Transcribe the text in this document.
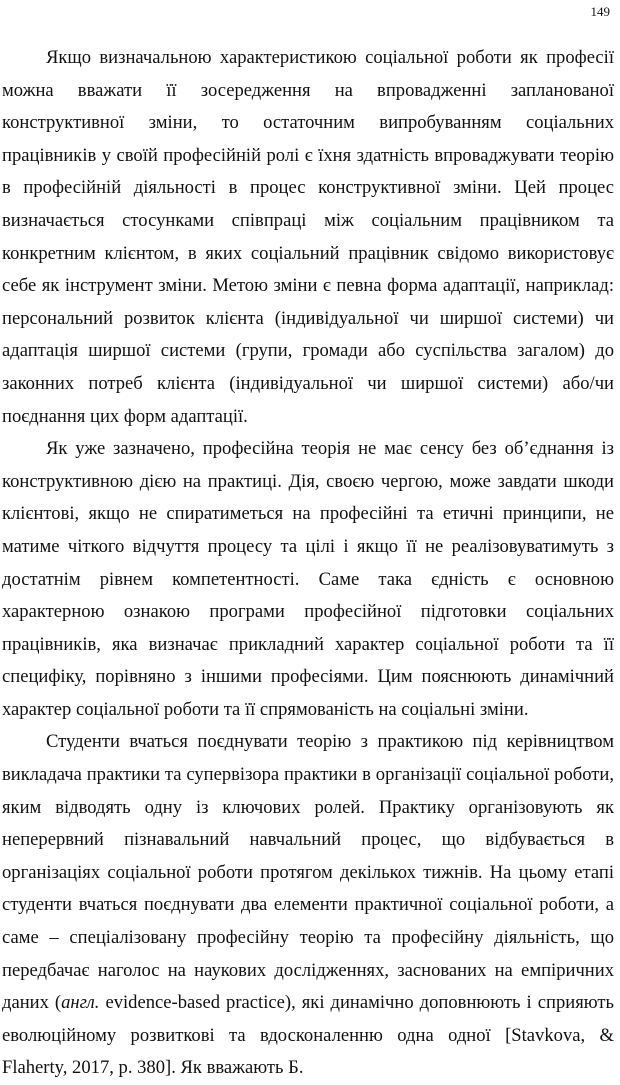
149

Якщо визначальною характеристикою соціальної роботи як професії можна вважати її зосередження на впровадженні запланованої конструктивної зміни, то остаточним випробуванням соціальних працівників у своїй професійній ролі є їхня здатність впроваджувати теорію в професійній діяльності в процес конструктивної зміни. Цей процес визначається стосунками співпраці між соціальним працівником та конкретним клієнтом, в яких соціальний працівник свідомо використовує себе як інструмент зміни. Метою зміни є певна форма адаптації, наприклад: персональний розвиток клієнта (індивідуальної чи ширшої системи) чи адаптація ширшої системи (групи, громади або суспільства загалом) до законних потреб клієнта (індивідуальної чи ширшої системи) або/чи поєднання цих форм адаптації.

Як уже зазначено, професійна теорія не має сенсу без об’єднання із конструктивною дією на практиці. Дія, своєю чергою, може завдати шкоди клієнтові, якщо не спиратиметься на професійні та етичні принципи, не матиме чіткого відчуття процесу та цілі і якщо її не реалізовуватимуть з достатнім рівнем компетентності. Саме така єдність є основною характерною ознакою програми професійної підготовки соціальних працівників, яка визначає прикладний характер соціальної роботи та її специфіку, порівняно з іншими професіями. Цим пояснюють динамічний характер соціальної роботи та її спрямованість на соціальні зміни.

Студенти вчаться поєднувати теорію з практикою під керівництвом викладача практики та супервізора практики в організації соціальної роботи, яким відводять одну із ключових ролей. Практику організовують як неперервний пізнавальний навчальний процес, що відбувається в організаціях соціальної роботи протягом декількох тижнів. На цьому етапі студенти вчаться поєднувати два елементи практичної соціальної роботи, а саме – спеціалізовану професійну теорію та професійну діяльність, що передбачає наголос на наукових дослідженнях, заснованих на емпіричних даних (англ. evidence-based practice), які динамічно доповнюють і сприяють еволюційному розвиткові та вдосконаленню одна одної [Stavkova, & Flaherty, 2017, p. 380]. Як вважають Б.
